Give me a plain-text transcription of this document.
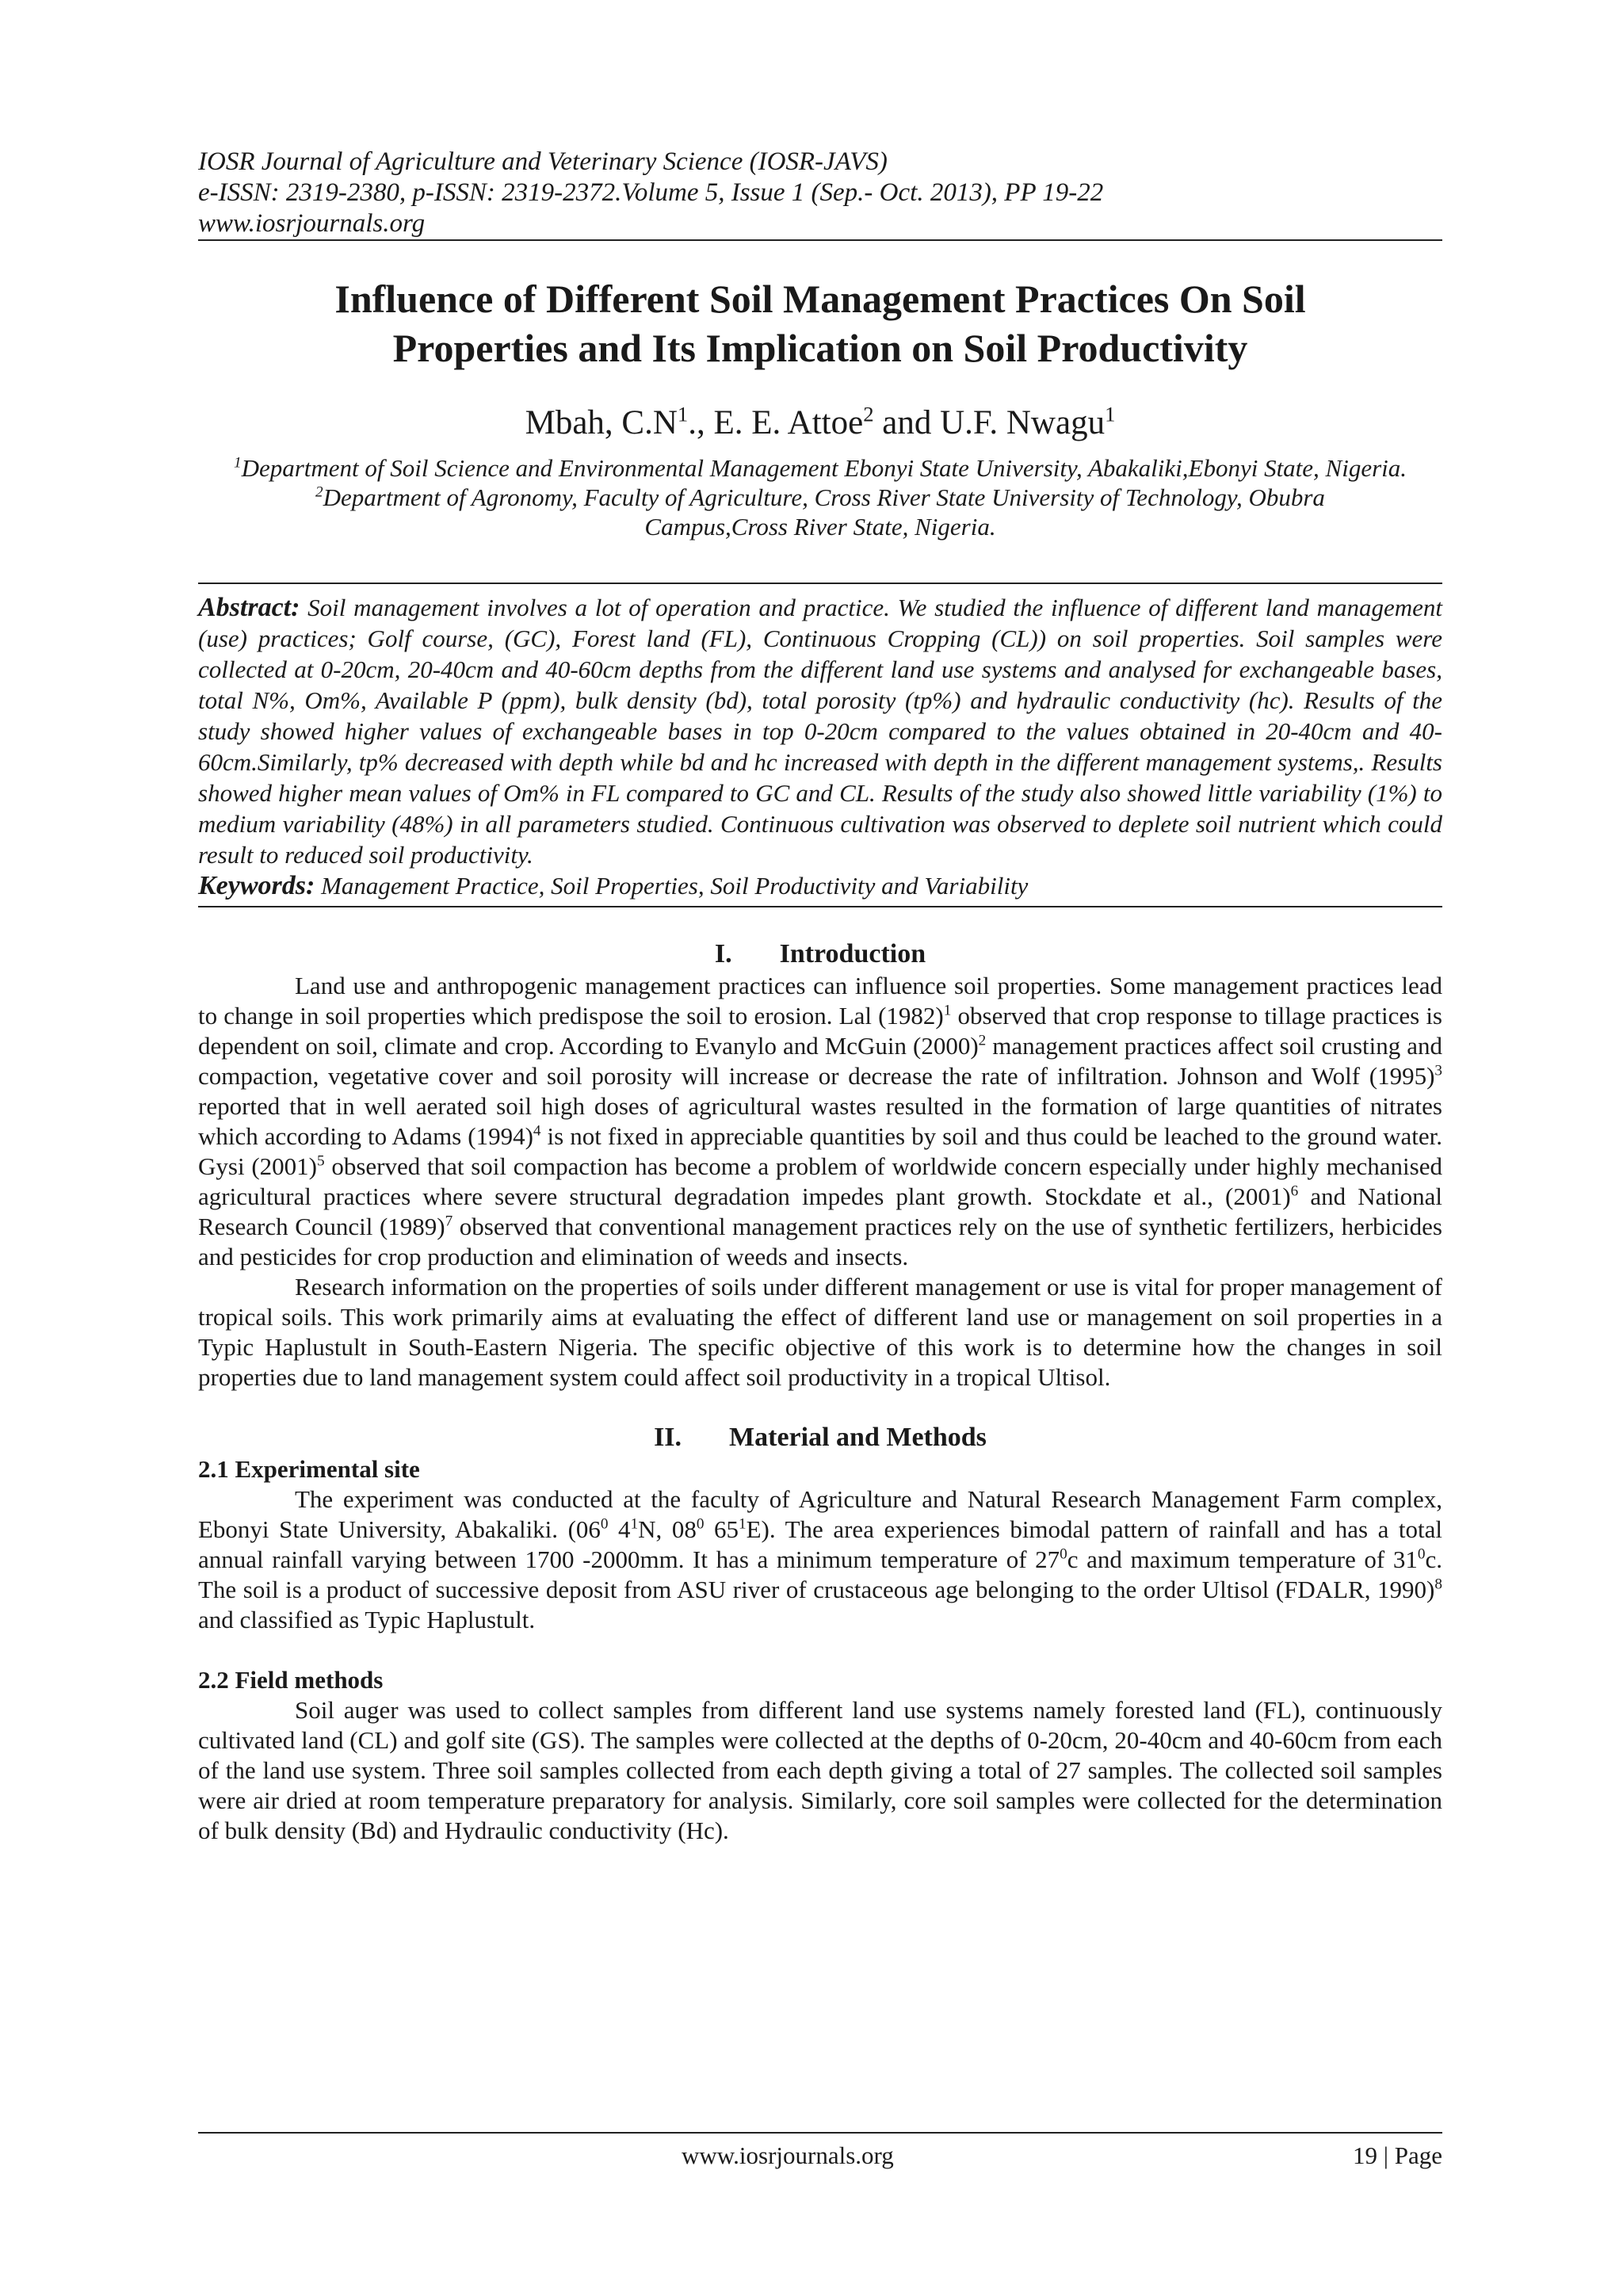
IOSR Journal of Agriculture and Veterinary Science (IOSR-JAVS)
e-ISSN: 2319-2380, p-ISSN: 2319-2372.Volume 5, Issue 1 (Sep.- Oct. 2013), PP 19-22
www.iosrjournals.org
Influence of Different Soil Management Practices On Soil Properties and Its Implication on Soil Productivity
Mbah, $C.N^1$., E. E. Attoe$^2$ and U.F. Nwagu$^1$
$^1$Department of Soil Science and Environmental Management Ebonyi State University, Abakaliki,Ebonyi State, Nigeria.
$^2$Department of Agronomy, Faculty of Agriculture, Cross River State University of Technology, Obubra Campus,Cross River State, Nigeria.
Abstract: Soil management involves a lot of operation and practice. We studied the influence of different land management (use) practices; Golf course, (GC), Forest land (FL), Continuous Cropping (CL)) on soil properties. Soil samples were collected at 0-20cm, 20-40cm and 40-60cm depths from the different land use systems and analysed for exchangeable bases, total N%, Om%, Available P (ppm), bulk density (bd), total porosity (tp%) and hydraulic conductivity (hc). Results of the study showed higher values of exchangeable bases in top 0-20cm compared to the values obtained in 20-40cm and 40-60cm.Similarly, tp% decreased with depth while bd and hc increased with depth in the different management systems,. Results showed higher mean values of Om% in FL compared to GC and CL. Results of the study also showed little variability (1%) to medium variability (48%) in all parameters studied. Continuous cultivation was observed to deplete soil nutrient which could result to reduced soil productivity.
Keywords: Management Practice, Soil Properties, Soil Productivity and Variability
I. Introduction

Land use and anthropogenic management practices can influence soil properties. Some management practices lead to change in soil properties which predispose the soil to erosion. Lal $(1982)^1$ observed that crop response to tillage practices is dependent on soil, climate and crop. According to Evanylo and McGuin $(2000)^2$ management practices affect soil crusting and compaction, vegetative cover and soil porosity will increase or decrease the rate of infiltration. Johnson and Wolf $(1995)^3$ reported that in well aerated soil high doses of agricultural wastes resulted in the formation of large quantities of nitrates which according to Adams $(1994)^4$ is not fixed in appreciable quantities by soil and thus could be leached to the ground water. Gysi $(2001)^5$ observed that soil compaction has become a problem of worldwide concern especially under highly mechanised agricultural practices where severe structural degradation impedes plant growth. Stockdate et al., $(2001)^6$ and National Research Council $(1989)^7$ observed that conventional management practices rely on the use of synthetic fertilizers, herbicides and pesticides for crop production and elimination of weeds and insects.

Research information on the properties of soils under different management or use is vital for proper management of tropical soils. This work primarily aims at evaluating the effect of different land use or management on soil properties in a Typic Haplustult in South-Eastern Nigeria. The specific objective of this work is to determine how the changes in soil properties due to land management system could affect soil productivity in a tropical Ultisol.

II. Material and Methods
2.1 Experimental site

The experiment was conducted at the faculty of Agriculture and Natural Research Management Farm complex, Ebonyi State University, Abakaliki. ($06^0$ $4^1N$, $08^0$ $65^1E$). The area experiences bimodal pattern of rainfall and has a total annual rainfall varying between 1700 -2000mm. It has a minimum temperature of $27^0c$ and maximum temperature of $31^0c$. The soil is a product of successive deposit from ASU river of crustaceous age belonging to the order Ultisol (FDALR, 1990)$^8$ and classified as Typic Haplustult.

2.2 Field methods

Soil auger was used to collect samples from different land use systems namely forested land (FL), continuously cultivated land (CL) and golf site (GS). The samples were collected at the depths of 0-20cm, 20-40cm and 40-60cm from each of the land use system. Three soil samples collected from each depth giving a total of 27 samples. The collected soil samples were air dried at room temperature preparatory for analysis. Similarly, core soil samples were collected for the determination of bulk density (Bd) and Hydraulic conductivity (Hc).

www.iosrjournals.org	19 | Page
